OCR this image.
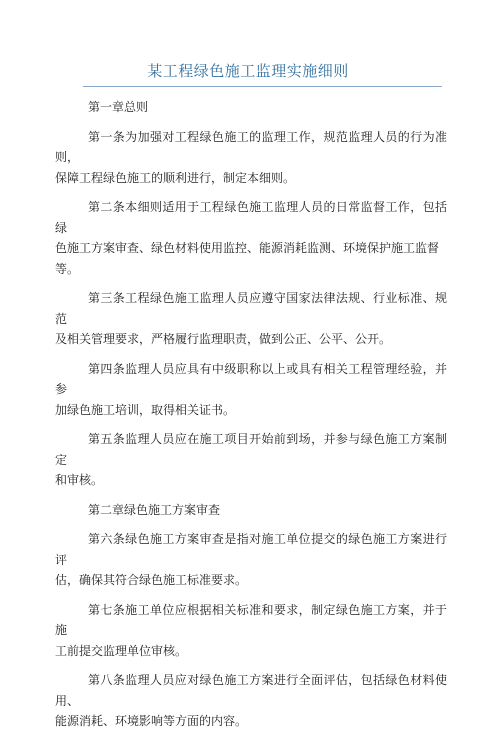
某工程绿色施工监理实施细则

第一章总则

第一条为加强对工程绿色施工的监理工作，规范监理人员的行为准则，
保障工程绿色施工的顺利进行，制定本细则。

第二条本细则适用于工程绿色施工监理人员的日常监督工作，包括绿
色施工方案审查、绿色材料使用监控、能源消耗监测、环境保护施工监督
等。

第三条工程绿色施工监理人员应遵守国家法律法规、行业标准、规范
及相关管理要求，严格履行监理职责，做到公正、公平、公开。

第四条监理人员应具有中级职称以上或具有相关工程管理经验，并参
加绿色施工培训，取得相关证书。

第五条监理人员应在施工项目开始前到场，并参与绿色施工方案制定
和审核。

第二章绿色施工方案审查

第六条绿色施工方案审查是指对施工单位提交的绿色施工方案进行评
估，确保其符合绿色施工标准要求。

第七条施工单位应根据相关标准和要求，制定绿色施工方案，并于施
工前提交监理单位审核。

第八条监理人员应对绿色施工方案进行全面评估，包括绿色材料使用、
能源消耗、环境影响等方面的内容。
